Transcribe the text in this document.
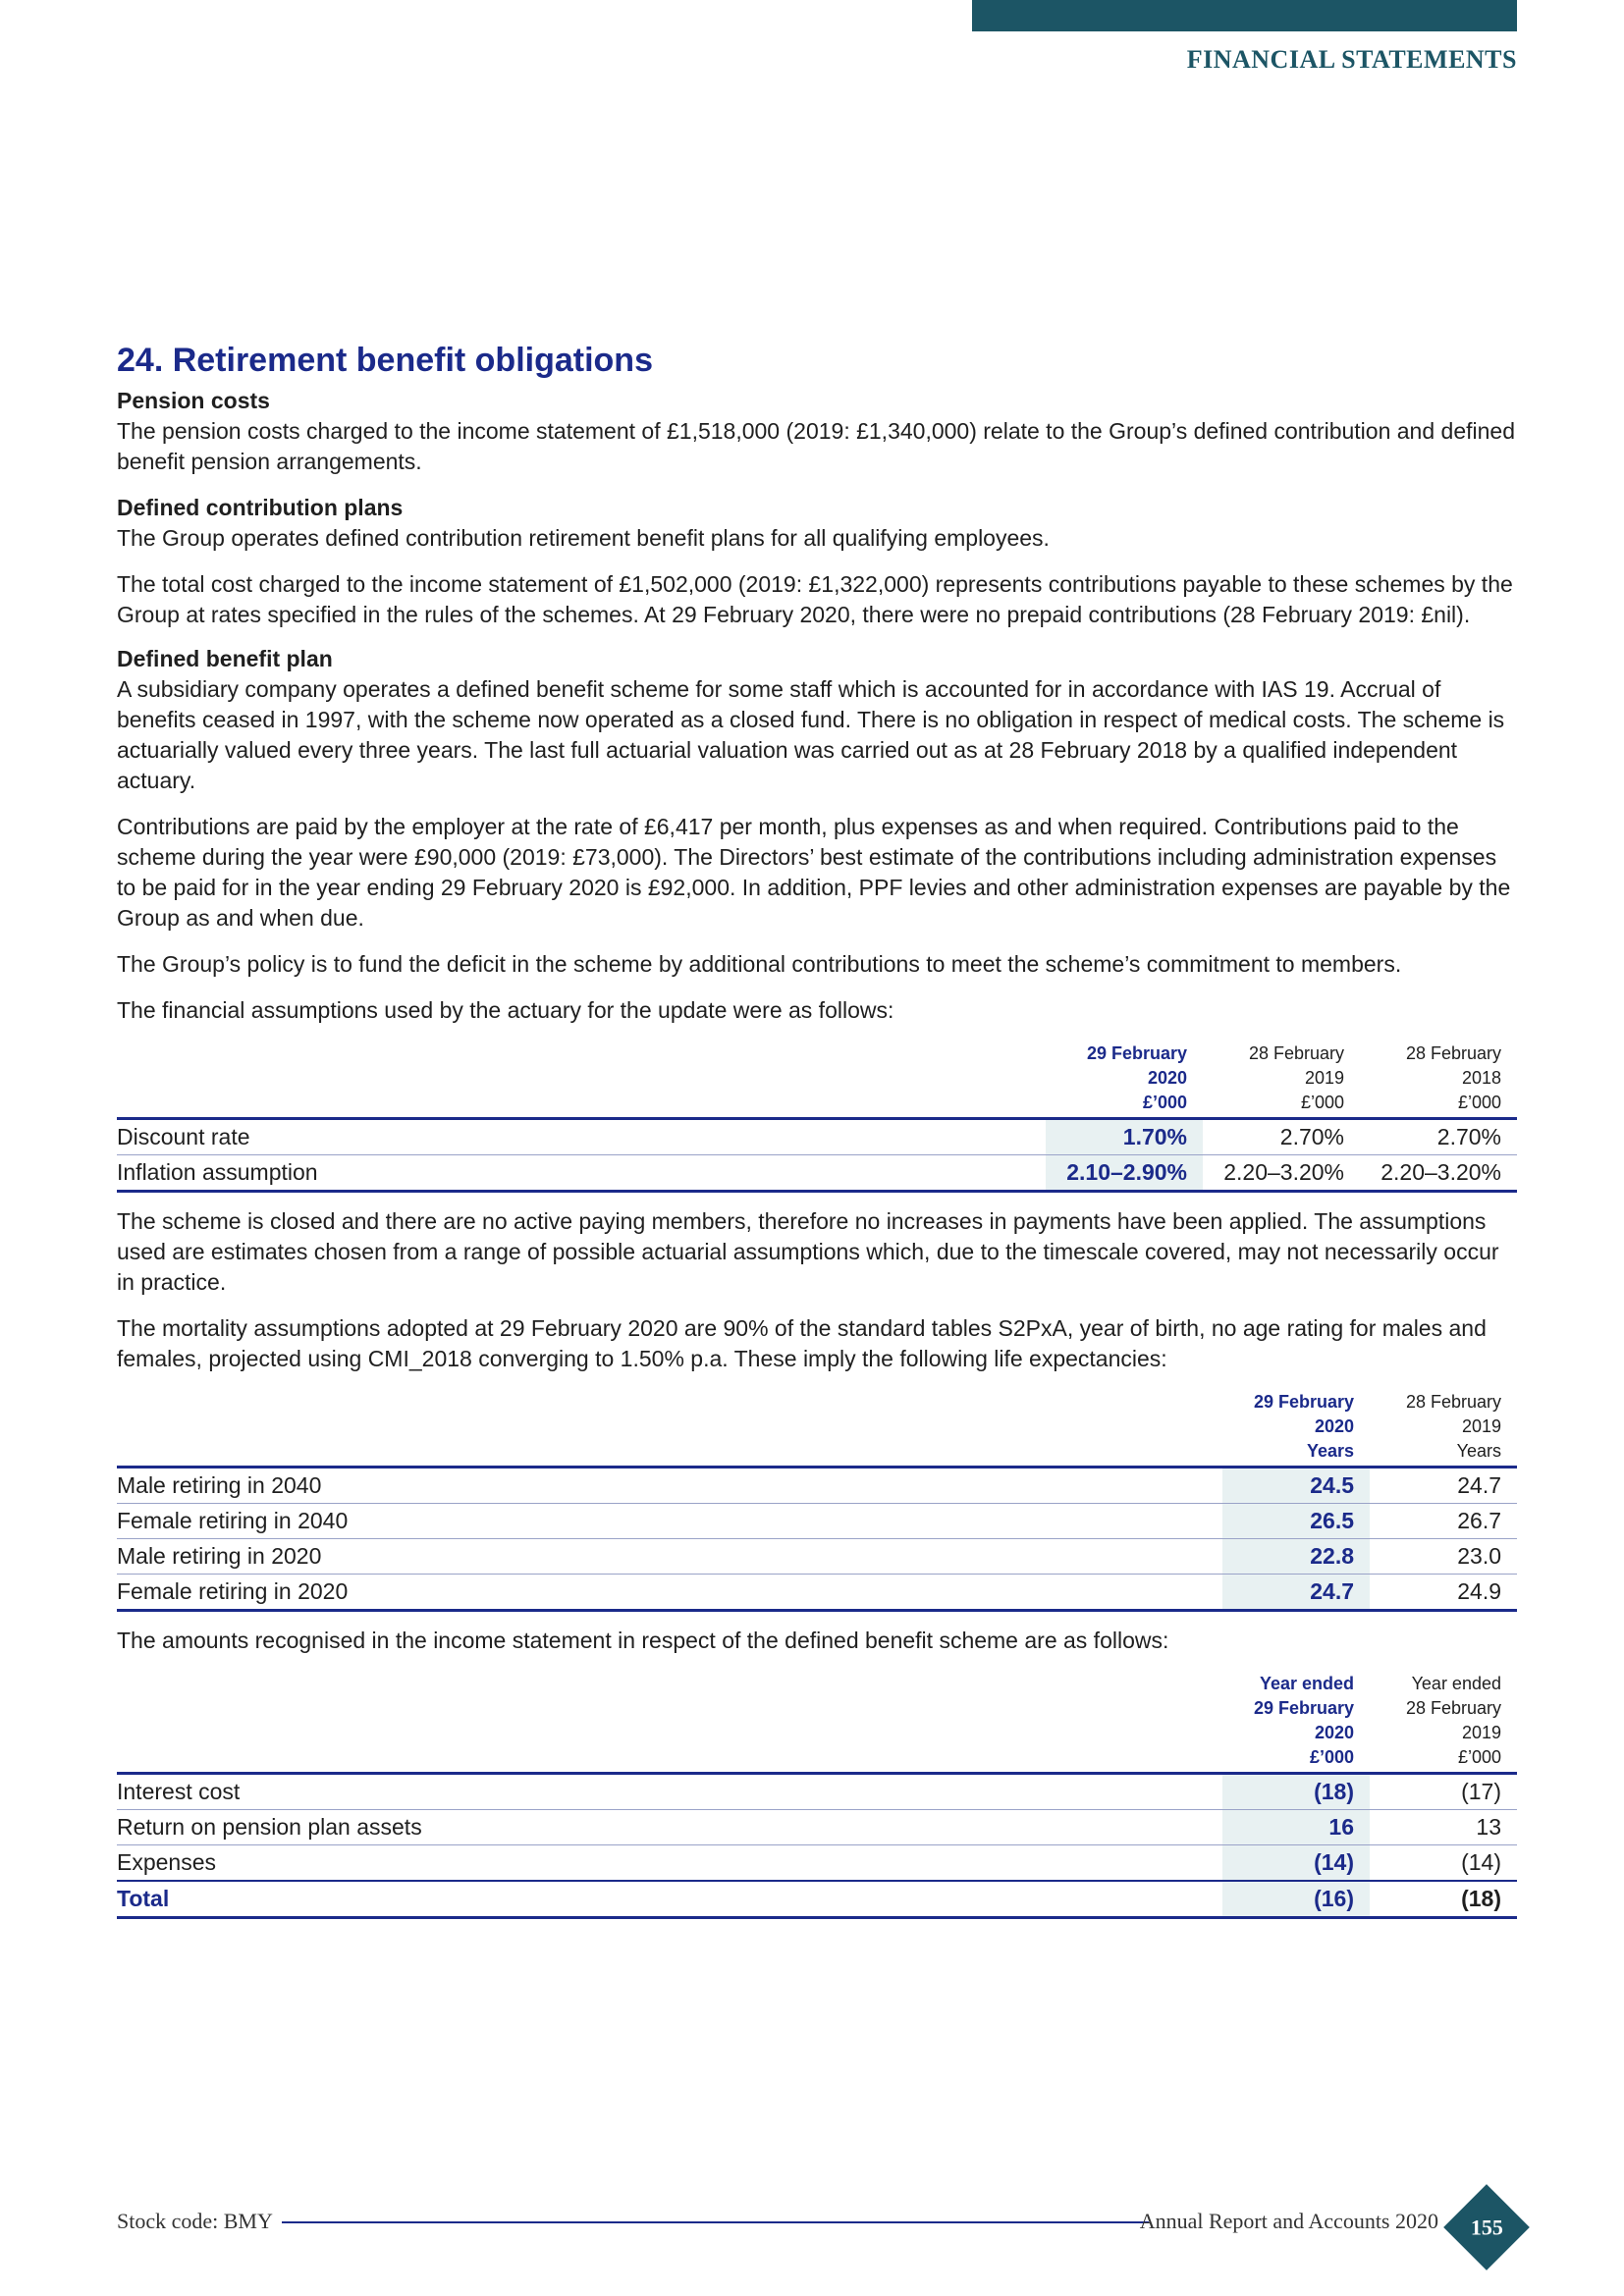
FINANCIAL STATEMENTS
24. Retirement benefit obligations
Pension costs

The pension costs charged to the income statement of £1,518,000 (2019: £1,340,000) relate to the Group’s defined contribution and defined benefit pension arrangements.

Defined contribution plans

The Group operates defined contribution retirement benefit plans for all qualifying employees.

The total cost charged to the income statement of £1,502,000 (2019: £1,322,000) represents contributions payable to these schemes by the Group at rates specified in the rules of the schemes. At 29 February 2020, there were no prepaid contributions (28 February 2019: £nil).

Defined benefit plan

A subsidiary company operates a defined benefit scheme for some staff which is accounted for in accordance with IAS 19. Accrual of benefits ceased in 1997, with the scheme now operated as a closed fund. There is no obligation in respect of medical costs. The scheme is actuarially valued every three years. The last full actuarial valuation was carried out as at 28 February 2018 by a qualified independent actuary.

Contributions are paid by the employer at the rate of £6,417 per month, plus expenses as and when required. Contributions paid to the scheme during the year were £90,000 (2019: £73,000). The Directors’ best estimate of the contributions including administration expenses to be paid for in the year ending 29 February 2020 is £92,000. In addition, PPF levies and other administration expenses are payable by the Group as and when due.

The Group’s policy is to fund the deficit in the scheme by additional contributions to meet the scheme’s commitment to members.

The financial assumptions used by the actuary for the update were as follows:

	29 February
2020
£’000	28 February
2019
£’000	28 February
2018
£’000
Discount rate	1.70%	2.70%	2.70%
Inflation assumption	2.10–2.90%	2.20–3.20%	2.20–3.20%

The scheme is closed and there are no active paying members, therefore no increases in payments have been applied. The assumptions used are estimates chosen from a range of possible actuarial assumptions which, due to the timescale covered, may not necessarily occur in practice.

The mortality assumptions adopted at 29 February 2020 are 90% of the standard tables S2PxA, year of birth, no age rating for males and females, projected using CMI_2018 converging to 1.50% p.a. These imply the following life expectancies:

	29 February
2020
Years	28 February
2019
Years
Male retiring in 2040	24.5	24.7
Female retiring in 2040	26.5	26.7
Male retiring in 2020	22.8	23.0
Female retiring in 2020	24.7	24.9

The amounts recognised in the income statement in respect of the defined benefit scheme are as follows:

	Year ended
29 February
2020
£’000	Year ended
28 February
2019
£’000
Interest cost	(18)	(17)
Return on pension plan assets	16	13
Expenses	(14)	(14)
Total	(16)	(18)
Stock code: BMY	Annual Report and Accounts 2020 155
